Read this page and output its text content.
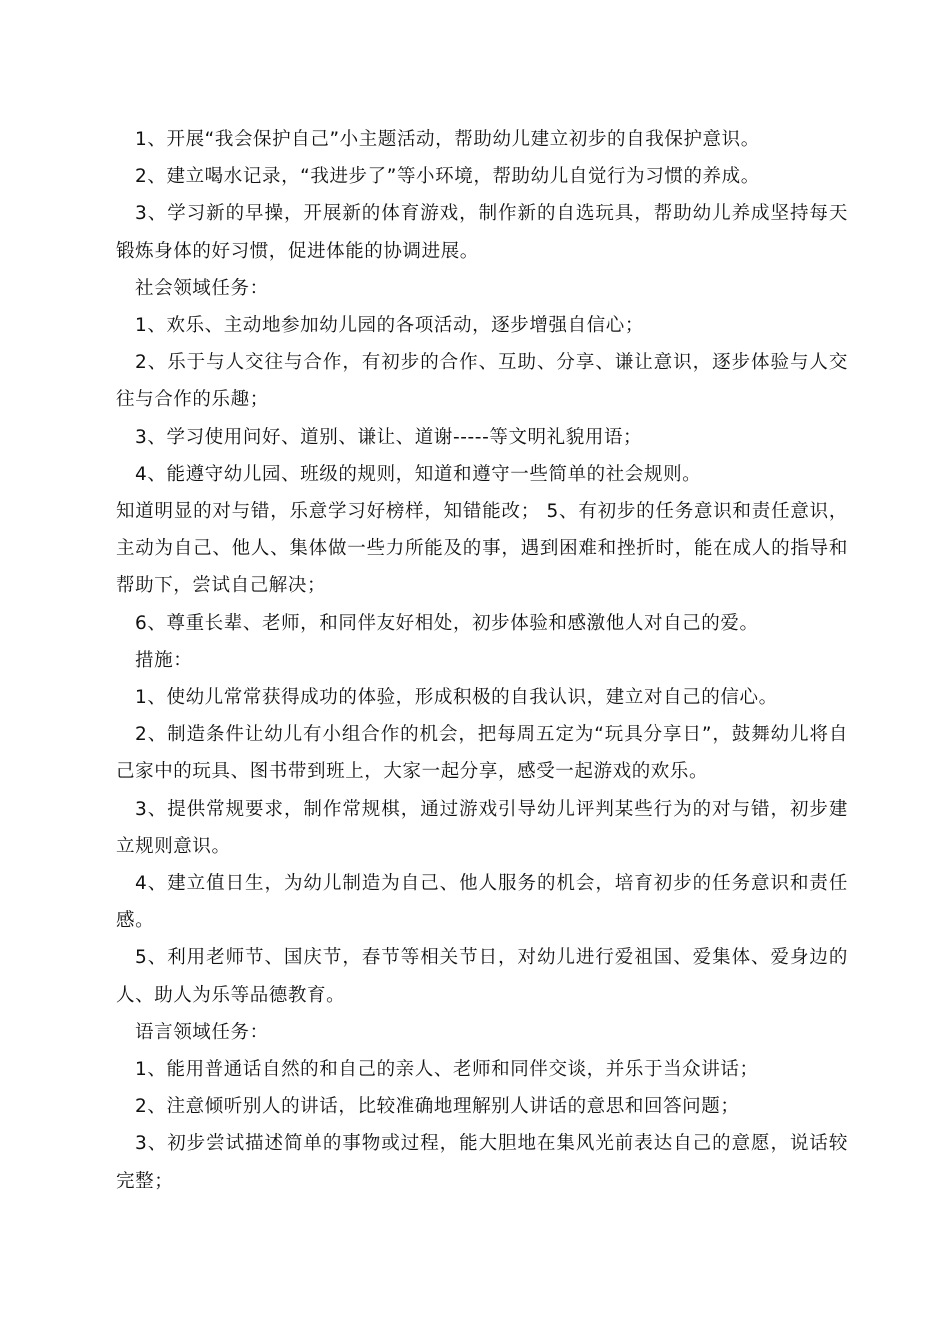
1、开展“我会保护自己”小主题活动，帮助幼儿建立初步的自我保护意识。

2、建立喝水记录，“我进步了”等小环境，帮助幼儿自觉行为习惯的养成。

3、学习新的早操，开展新的体育游戏，制作新的自选玩具，帮助幼儿养成坚持每天锻炼身体的好习惯，促进体能的协调进展。

社会领域任务：

1、欢乐、主动地参加幼儿园的各项活动，逐步增强自信心；

2、乐于与人交往与合作，有初步的合作、互助、分享、谦让意识，逐步体验与人交往与合作的乐趣；

3、学习使用问好、道别、谦让、道谢-----等文明礼貌用语；

4、能遵守幼儿园、班级的规则，知道和遵守一些简单的社会规则。

知道明显的对与错，乐意学习好榜样，知错能改； 5、有初步的任务意识和责任意识，主动为自己、他人、集体做一些力所能及的事，遇到困难和挫折时，能在成人的指导和帮助下，尝试自己解决；

6、尊重长辈、老师，和同伴友好相处，初步体验和感激他人对自己的爱。

措施：

1、使幼儿常常获得成功的体验，形成积极的自我认识，建立对自己的信心。

2、制造条件让幼儿有小组合作的机会，把每周五定为“玩具分享日”，鼓舞幼儿将自己家中的玩具、图书带到班上，大家一起分享，感受一起游戏的欢乐。

3、提供常规要求，制作常规棋，通过游戏引导幼儿评判某些行为的对与错，初步建立规则意识。

4、建立值日生，为幼儿制造为自己、他人服务的机会，培育初步的任务意识和责任感。

5、利用老师节、国庆节，春节等相关节日，对幼儿进行爱祖国、爱集体、爱身边的人、助人为乐等品德教育。

语言领域任务：

1、能用普通话自然的和自己的亲人、老师和同伴交谈，并乐于当众讲话；

2、注意倾听别人的讲话，比较准确地理解别人讲话的意思和回答问题；

3、初步尝试描述简单的事物或过程，能大胆地在集风光前表达自己的意愿，说话较完整；
